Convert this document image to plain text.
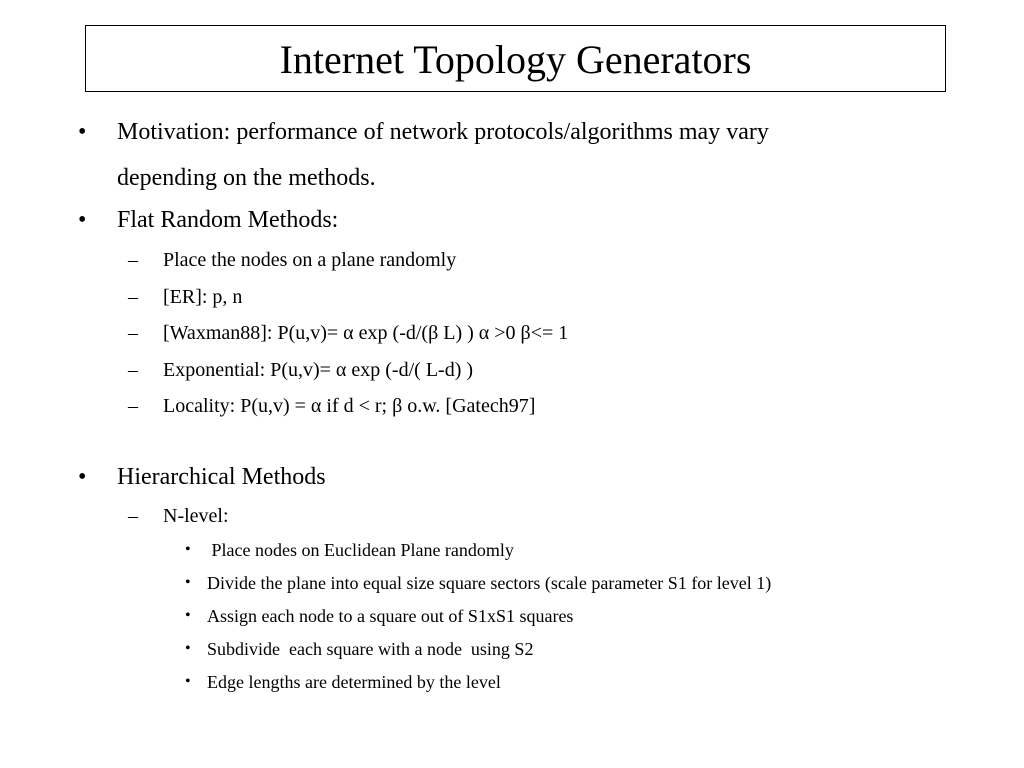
Internet Topology Generators
• Motivation: performance of network protocols/algorithms may vary
depending on the methods.
• Flat Random Methods:
– Place the nodes on a plane randomly
– [ER]: p, n
– [Waxman88]: P(u,v)= α exp (-d/(β L) ) α >0 β<= 1
– Exponential: P(u,v)= α exp (-d/( L-d) )
– Locality: P(u,v) = α if d < r; β o.w. [Gatech97]
• Hierarchical Methods
– N-level:
• Place nodes on Euclidean Plane randomly
• Divide the plane into equal size square sectors (scale parameter S1 for level 1)
• Assign each node to a square out of S1xS1 squares
• Subdivide  each square with a node  using S2
• Edge lengths are determined by the level
